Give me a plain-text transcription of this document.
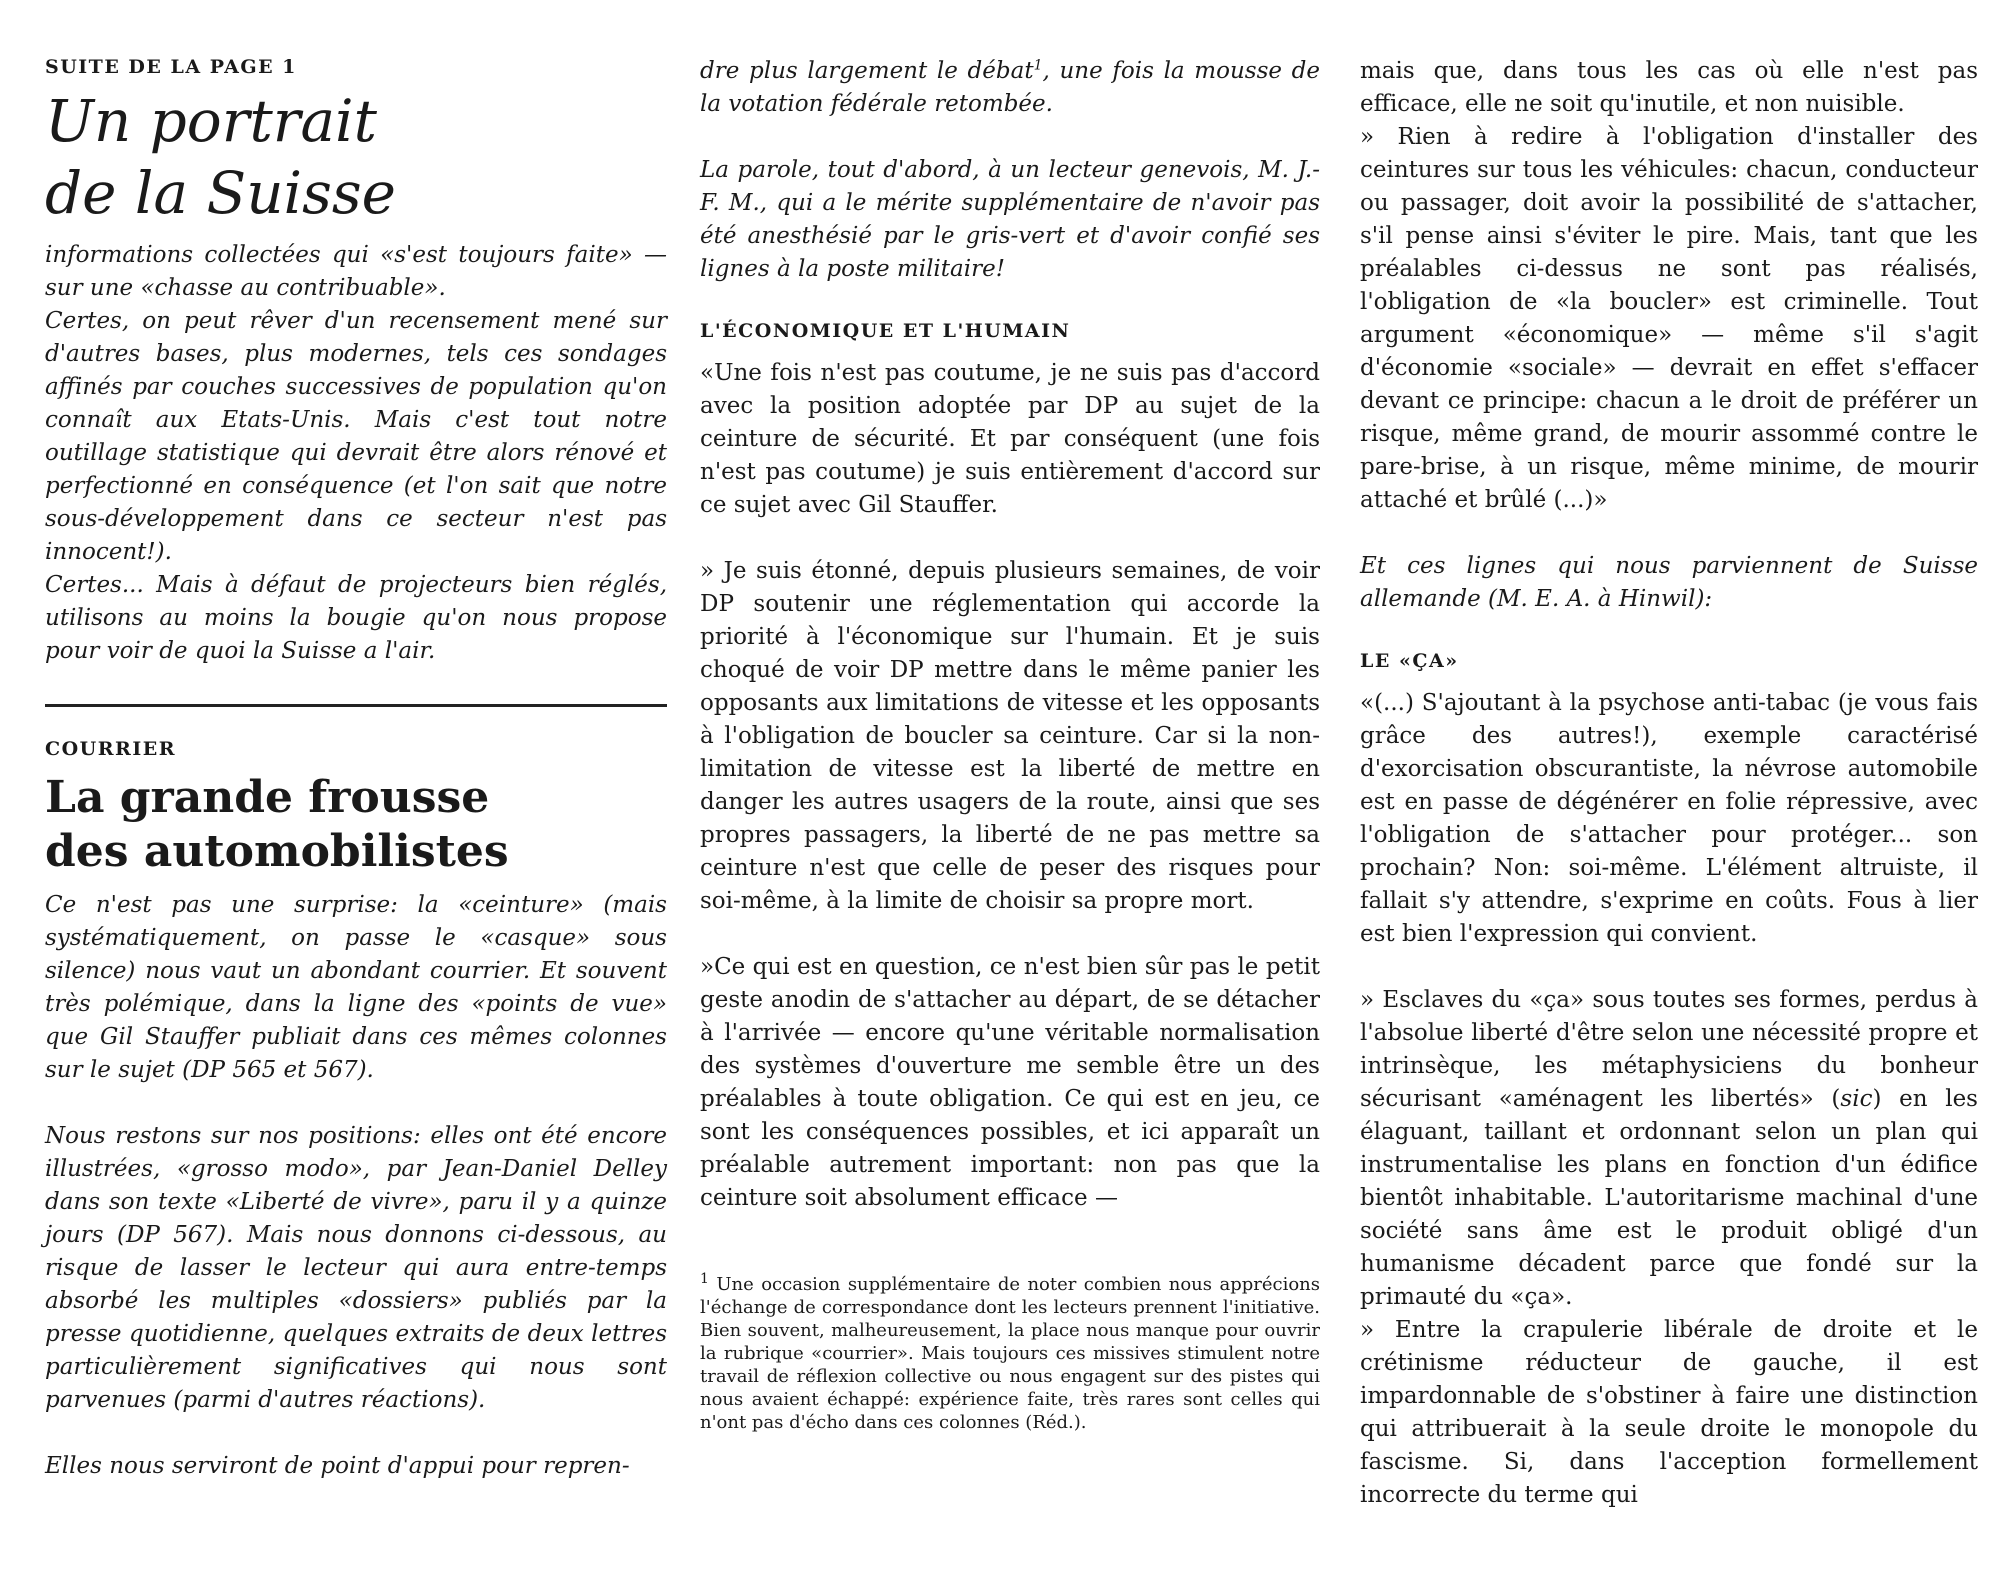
SUITE DE LA PAGE 1

Un portrait
de la Suisse

informations collectées qui «s'est toujours faite» — sur une «chasse au contribuable».

Certes, on peut rêver d'un recensement mené sur d'autres bases, plus modernes, tels ces sondages affinés par couches successives de population qu'on connaît aux Etats-Unis. Mais c'est tout notre outillage statistique qui devrait être alors rénové et perfectionné en conséquence (et l'on sait que notre sous-développement dans ce secteur n'est pas innocent!).

Certes... Mais à défaut de projecteurs bien réglés, utilisons au moins la bougie qu'on nous propose pour voir de quoi la Suisse a l'air.

COURRIER

La grande frousse
des automobilistes

Ce n'est pas une surprise: la «ceinture» (mais systématiquement, on passe le «casque» sous silence) nous vaut un abondant courrier. Et souvent très polémique, dans la ligne des «points de vue» que Gil Stauffer publiait dans ces mêmes colonnes sur le sujet (DP 565 et 567).

Nous restons sur nos positions: elles ont été encore illustrées, «grosso modo», par Jean-Daniel Delley dans son texte «Liberté de vivre», paru il y a quinze jours (DP 567). Mais nous donnons ci-dessous, au risque de lasser le lecteur qui aura entre-temps absorbé les multiples «dossiers» publiés par la presse quotidienne, quelques extraits de deux lettres particulièrement significatives qui nous sont parvenues (parmi d'autres réactions).

Elles nous serviront de point d'appui pour repren-

dre plus largement le débat$^1$, une fois la mousse de la votation fédérale retombée.

La parole, tout d'abord, à un lecteur genevois, M. J.-F. M., qui a le mérite supplémentaire de n'avoir pas été anesthésié par le gris-vert et d'avoir confié ses lignes à la poste militaire!

L'ÉCONOMIQUE ET L'HUMAIN

«Une fois n'est pas coutume, je ne suis pas d'accord avec la position adoptée par DP au sujet de la ceinture de sécurité. Et par conséquent (une fois n'est pas coutume) je suis entièrement d'accord sur ce sujet avec Gil Stauffer.

» Je suis étonné, depuis plusieurs semaines, de voir DP soutenir une réglementation qui accorde la priorité à l'économique sur l'humain. Et je suis choqué de voir DP mettre dans le même panier les opposants aux limitations de vitesse et les opposants à l'obligation de boucler sa ceinture. Car si la non-limitation de vitesse est la liberté de mettre en danger les autres usagers de la route, ainsi que ses propres passagers, la liberté de ne pas mettre sa ceinture n'est que celle de peser des risques pour soi-même, à la limite de choisir sa propre mort.

»Ce qui est en question, ce n'est bien sûr pas le petit geste anodin de s'attacher au départ, de se détacher à l'arrivée — encore qu'une véritable normalisation des systèmes d'ouverture me semble être un des préalables à toute obligation. Ce qui est en jeu, ce sont les conséquences possibles, et ici apparaît un préalable autrement important: non pas que la ceinture soit absolument efficace —

$^1$ Une occasion supplémentaire de noter combien nous apprécions l'échange de correspondance dont les lecteurs prennent l'initiative. Bien souvent, malheureusement, la place nous manque pour ouvrir la rubrique «courrier». Mais toujours ces missives stimulent notre travail de réflexion collective ou nous engagent sur des pistes qui nous avaient échappé: expérience faite, très rares sont celles qui n'ont pas d'écho dans ces colonnes (Réd.).

mais que, dans tous les cas où elle n'est pas efficace, elle ne soit qu'inutile, et non nuisible.

» Rien à redire à l'obligation d'installer des ceintures sur tous les véhicules: chacun, conducteur ou passager, doit avoir la possibilité de s'attacher, s'il pense ainsi s'éviter le pire. Mais, tant que les préalables ci-dessus ne sont pas réalisés, l'obligation de «la boucler» est criminelle. Tout argument «économique» — même s'il s'agit d'économie «sociale» — devrait en effet s'effacer devant ce principe: chacun a le droit de préférer un risque, même grand, de mourir assommé contre le pare-brise, à un risque, même minime, de mourir attaché et brûlé (...)»

Et ces lignes qui nous parviennent de Suisse allemande (M. E. A. à Hinwil):

LE «ÇA»

«(...) S'ajoutant à la psychose anti-tabac (je vous fais grâce des autres!), exemple caractérisé d'exorcisation obscurantiste, la névrose automobile est en passe de dégénérer en folie répressive, avec l'obligation de s'attacher pour protéger... son prochain? Non: soi-même. L'élément altruiste, il fallait s'y attendre, s'exprime en coûts. Fous à lier est bien l'expression qui convient.

» Esclaves du «ça» sous toutes ses formes, perdus à l'absolue liberté d'être selon une nécessité propre et intrinsèque, les métaphysiciens du bonheur sécurisant «aménagent les libertés» (sic) en les élaguant, taillant et ordonnant selon un plan qui instrumentalise les plans en fonction d'un édifice bientôt inhabitable. L'autoritarisme machinal d'une société sans âme est le produit obligé d'un humanisme décadent parce que fondé sur la primauté du «ça».

» Entre la crapulerie libérale de droite et le crétinisme réducteur de gauche, il est impardonnable de s'obstiner à faire une distinction qui attribuerait à la seule droite le monopole du fascisme. Si, dans l'acception formellement incorrecte du terme qui
